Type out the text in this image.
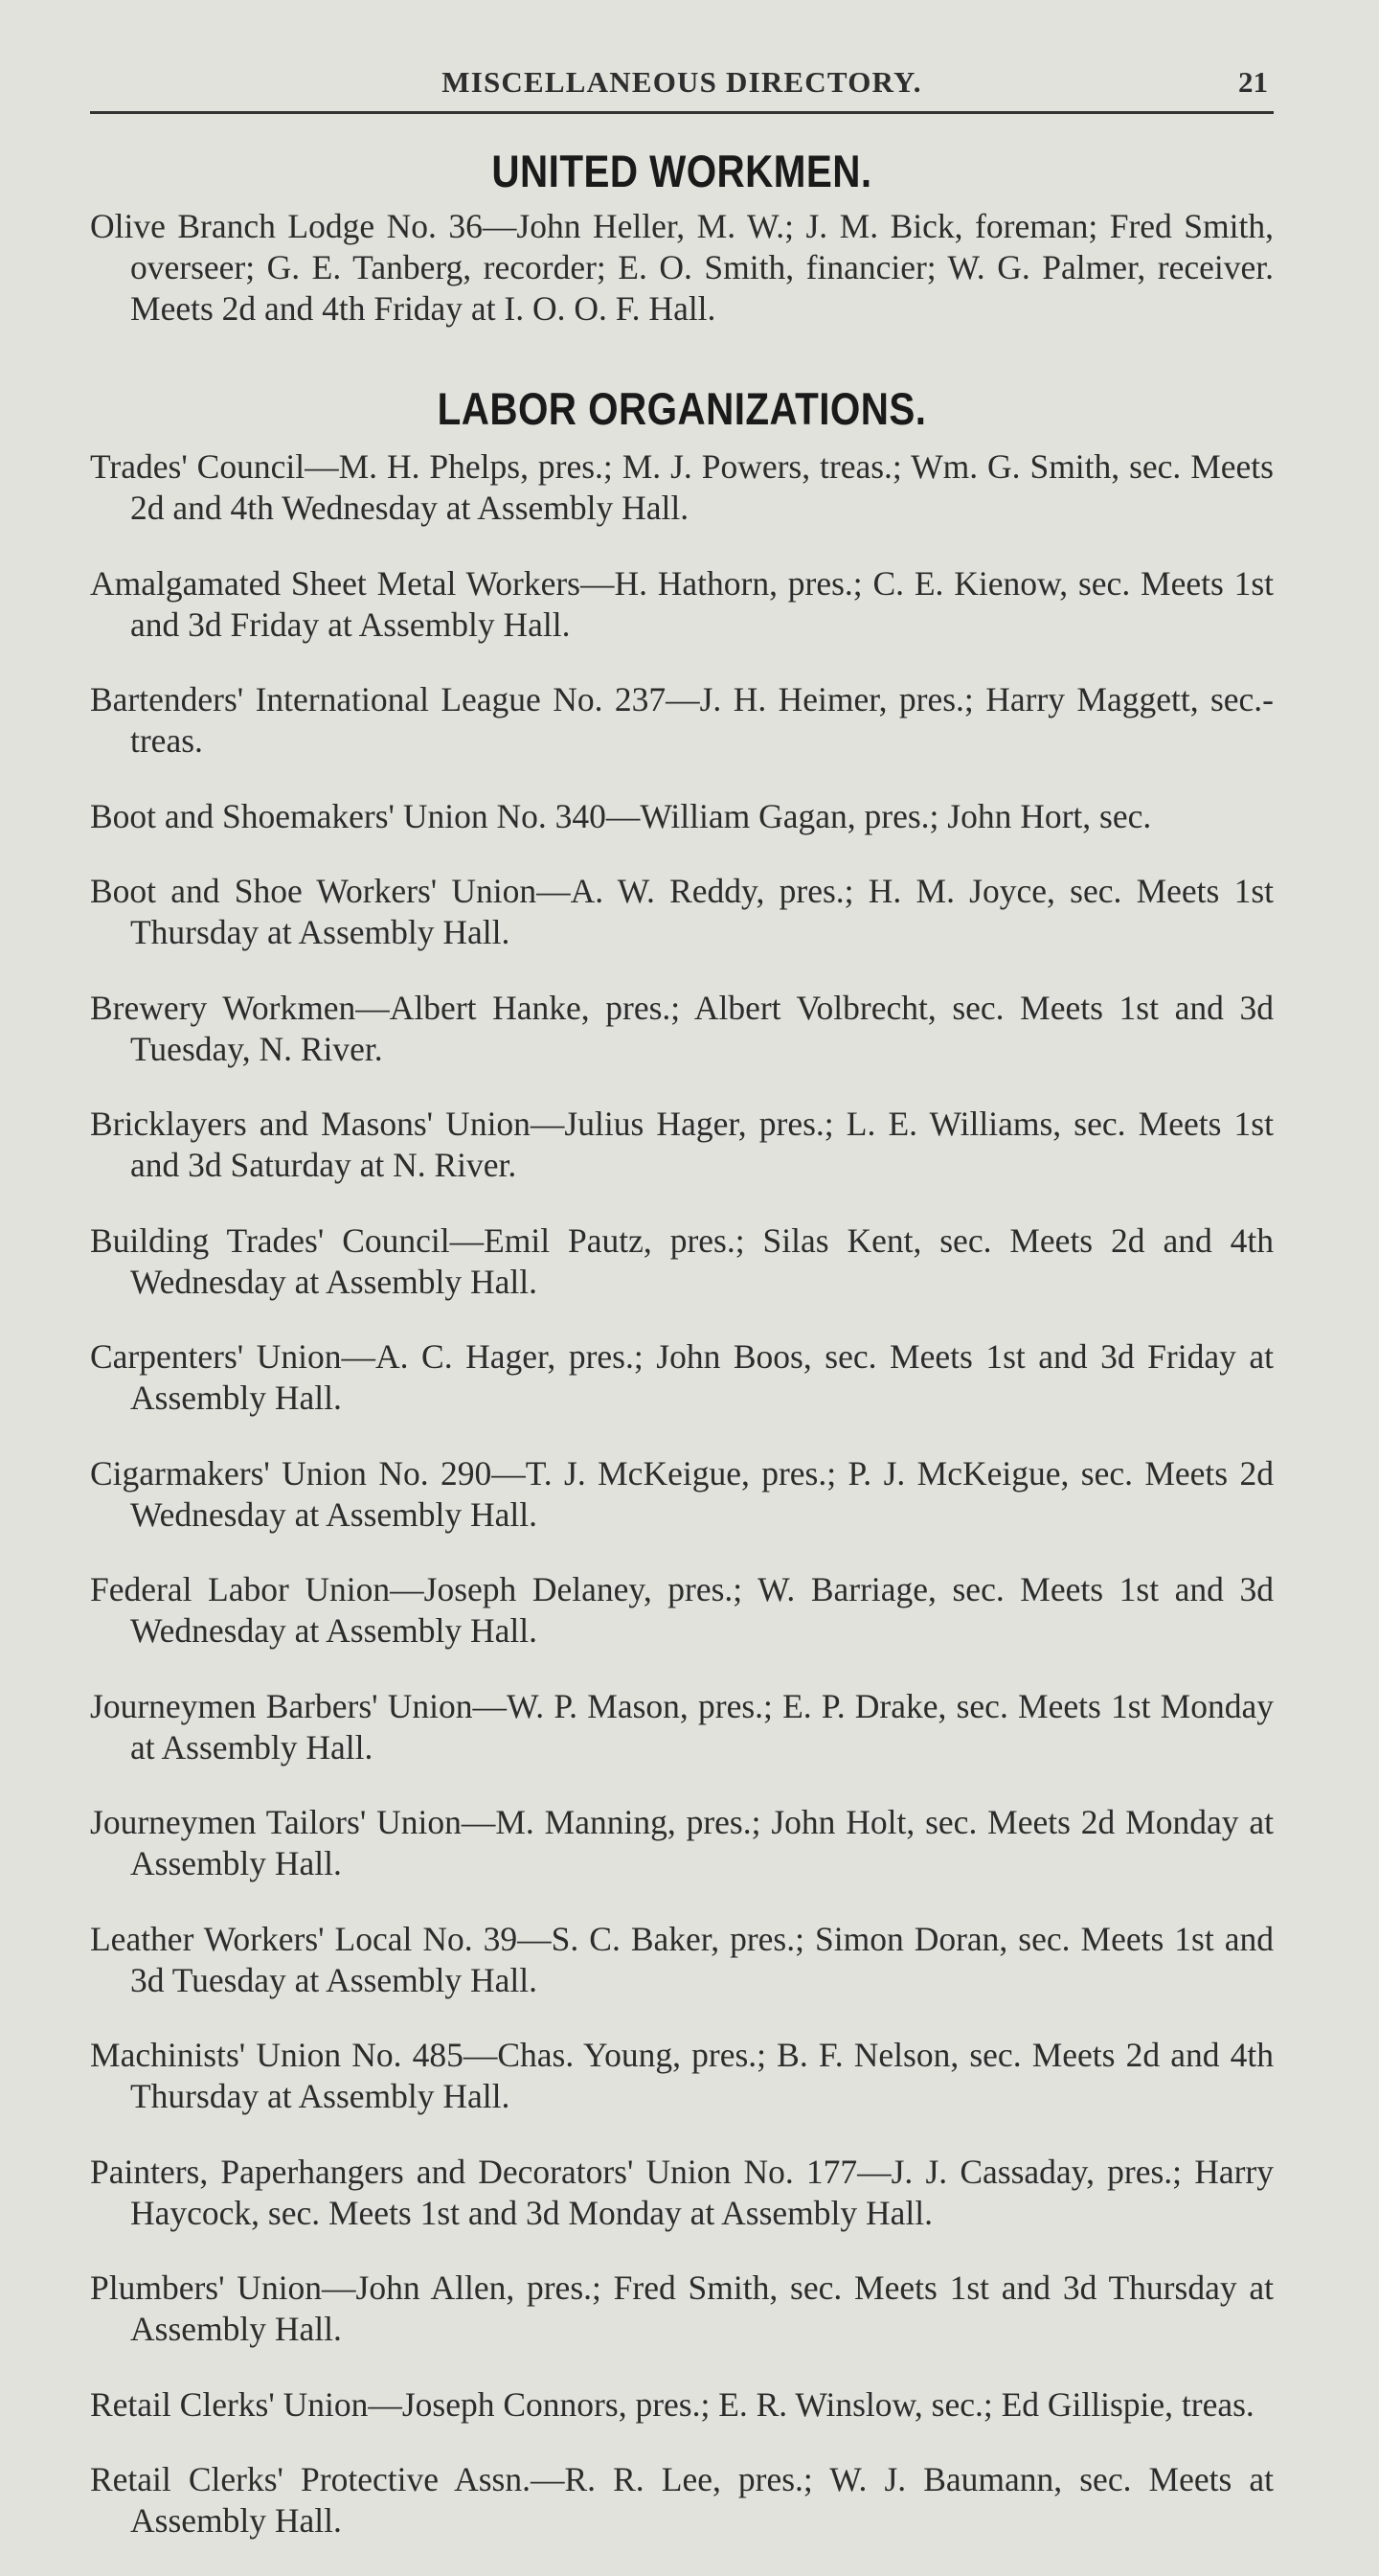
MISCELLANEOUS DIRECTORY.	21
UNITED WORKMEN.

Olive Branch Lodge No. 36—John Heller, M. W.; J. M. Bick, foreman; Fred Smith, overseer; G. E. Tanberg, recorder; E. O. Smith, financier; W. G. Palmer, receiver. Meets 2d and 4th Friday at I. O. O. F. Hall.

LABOR ORGANIZATIONS.

Trades' Council—M. H. Phelps, pres.; M. J. Powers, treas.; Wm. G. Smith, sec. Meets 2d and 4th Wednesday at Assembly Hall.

Amalgamated Sheet Metal Workers—H. Hathorn, pres.; C. E. Kienow, sec. Meets 1st and 3d Friday at Assembly Hall.

Bartenders' International League No. 237—J. H. Heimer, pres.; Harry Maggett, sec.-treas.

Boot and Shoemakers' Union No. 340—William Gagan, pres.; John Hort, sec.

Boot and Shoe Workers' Union—A. W. Reddy, pres.; H. M. Joyce, sec. Meets 1st Thursday at Assembly Hall.

Brewery Workmen—Albert Hanke, pres.; Albert Volbrecht, sec. Meets 1st and 3d Tuesday, N. River.

Bricklayers and Masons' Union—Julius Hager, pres.; L. E. Williams, sec. Meets 1st and 3d Saturday at N. River.

Building Trades' Council—Emil Pautz, pres.; Silas Kent, sec. Meets 2d and 4th Wednesday at Assembly Hall.

Carpenters' Union—A. C. Hager, pres.; John Boos, sec. Meets 1st and 3d Friday at Assembly Hall.

Cigarmakers' Union No. 290—T. J. McKeigue, pres.; P. J. McKeigue, sec. Meets 2d Wednesday at Assembly Hall.

Federal Labor Union—Joseph Delaney, pres.; W. Barriage, sec. Meets 1st and 3d Wednesday at Assembly Hall.

Journeymen Barbers' Union—W. P. Mason, pres.; E. P. Drake, sec. Meets 1st Monday at Assembly Hall.

Journeymen Tailors' Union—M. Manning, pres.; John Holt, sec. Meets 2d Monday at Assembly Hall.

Leather Workers' Local No. 39—S. C. Baker, pres.; Simon Doran, sec. Meets 1st and 3d Tuesday at Assembly Hall.

Machinists' Union No. 485—Chas. Young, pres.; B. F. Nelson, sec. Meets 2d and 4th Thursday at Assembly Hall.

Painters, Paperhangers and Decorators' Union No. 177—J. J. Cassaday, pres.; Harry Haycock, sec. Meets 1st and 3d Monday at Assembly Hall.

Plumbers' Union—John Allen, pres.; Fred Smith, sec. Meets 1st and 3d Thursday at Assembly Hall.

Retail Clerks' Union—Joseph Connors, pres.; E. R. Winslow, sec.; Ed Gillispie, treas.

Retail Clerks' Protective Assn.—R. R. Lee, pres.; W. J. Baumann, sec. Meets at Assembly Hall.
